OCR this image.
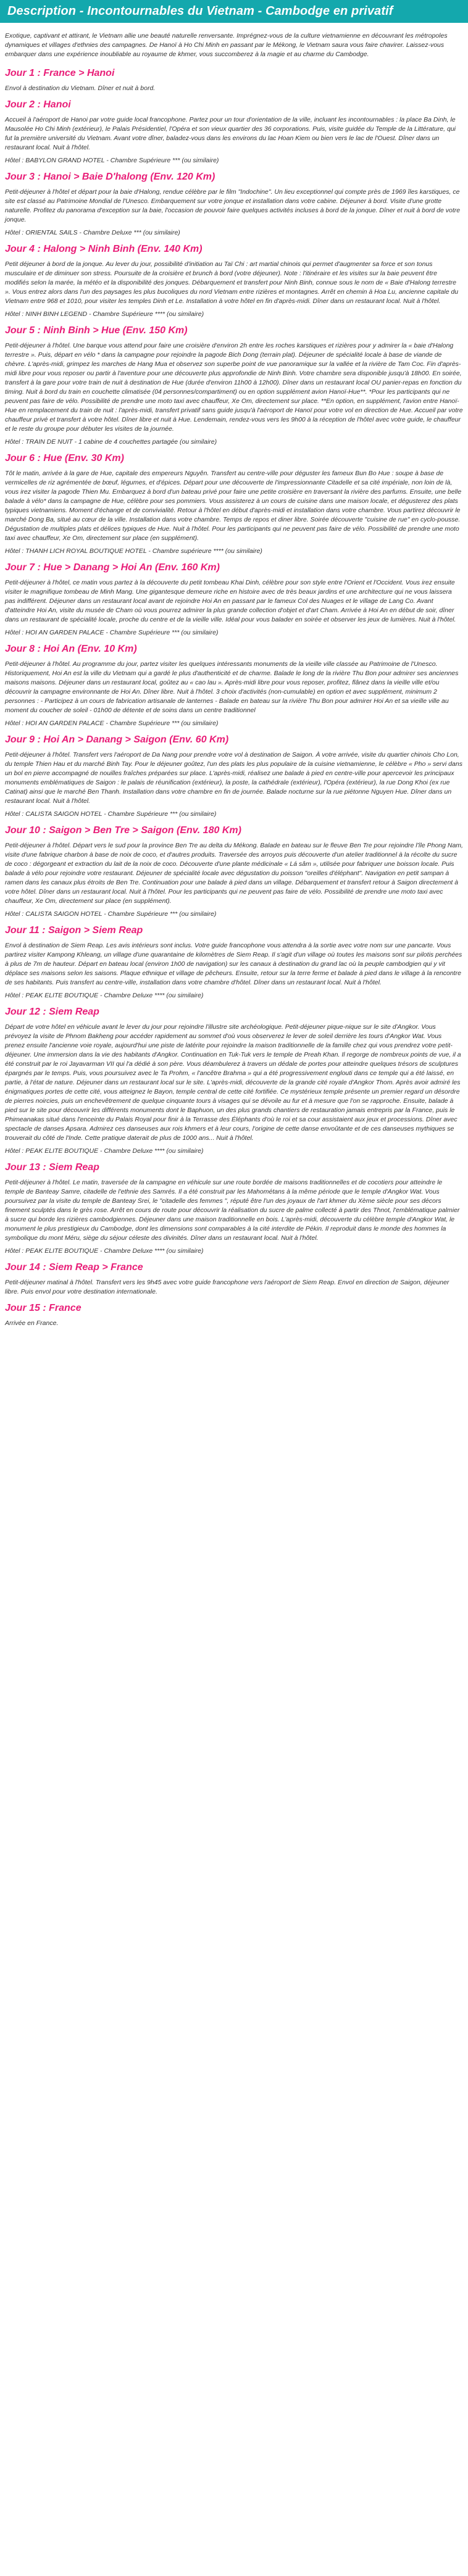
Description - Incontournables du Vietnam - Cambodge en privatif

Exotique, captivant et attirant, le Vietnam allie une beauté naturelle renversante. Imprégnez-vous de la culture vietnamienne en découvrant les métropoles dynamiques et villages d'ethnies des campagnes. De Hanoï à Ho Chi Minh en passant par le Mékong, le Vietnam saura vous faire chavirer. Laissez-vous embarquer dans une expérience inoubliable au royaume de khmer, vous succomberez à la magie et au charme du Cambodge.

Jour 1 : France > Hanoi

Envol à destination du Vietnam. Dîner et nuit à bord.

Jour 2 : Hanoi

Accueil à l'aéroport de Hanoi par votre guide local francophone. Partez pour un tour d'orientation de la ville, incluant les incontournables : la place Ba Dinh, le Mausolée Ho Chi Minh (extérieur), le Palais Présidentiel, l'Opéra et son vieux quartier des 36 corporations. Puis, visite guidée du Temple de la Littérature, qui fut la première université du Vietnam. Avant votre dîner, baladez-vous dans les environs du lac Hoan Kiem ou bien vers le lac de l'Ouest. Dîner dans un restaurant local. Nuit à l'hôtel.

Hôtel : BABYLON GRAND HOTEL - Chambre Supérieure *** (ou similaire)

Jour 3 : Hanoi > Baie D'halong (Env. 120 Km)

Petit-déjeuner à l'hôtel et départ pour la baie d'Halong, rendue célèbre par le film "Indochine". Un lieu exceptionnel qui compte près de 1969 îles karstiques, ce site est classé au Patrimoine Mondial de l'Unesco. Embarquement sur votre jonque et installation dans votre cabine. Déjeuner à bord. Visite d'une grotte naturelle. Profitez du panorama d'exception sur la baie, l'occasion de pouvoir faire quelques activités incluses à bord de la jonque. Dîner et nuit à bord de votre jonque.

Hôtel : ORIENTAL SAILS - Chambre Deluxe *** (ou similaire)

Jour 4 : Halong > Ninh Binh (Env. 140 Km)

Petit déjeuner à bord de la jonque. Au lever du jour, possibilité d'initiation au Taï Chi : art martial chinois qui permet d'augmenter sa force et son tonus musculaire et de diminuer son stress. Poursuite de la croisière et brunch à bord (votre déjeuner). Note : l'itinéraire et les visites sur la baie peuvent être modifiés selon la marée, la météo et la disponibilité des jonques. Débarquement et transfert pour Ninh Binh, connue sous le nom de « Baie d'Halong terrestre ». Vous entrez alors dans l'un des paysages les plus bucoliques du nord Vietnam entre rizières et montagnes. Arrêt en chemin à Hoa Lu, ancienne capitale du Vietnam entre 968 et 1010, pour visiter les temples Dinh et Le. Installation à votre hôtel en fin d'après-midi. Dîner dans un restaurant local. Nuit à l'hôtel.

Hôtel : NINH BINH LEGEND - Chambre Supérieure **** (ou similaire)

Jour 5 : Ninh Binh > Hue (Env. 150 Km)

Petit-déjeuner à l'hôtel. Une barque vous attend pour faire une croisière d'environ 2h entre les roches karstiques et rizières pour y admirer la « baie d'Halong terrestre ». Puis, départ en vélo * dans la campagne pour rejoindre la pagode Bich Dong (terrain plat). Déjeuner de spécialité locale à base de viande de chèvre. L'après-midi, grimpez les marches de Hang Mua et observez son superbe point de vue panoramique sur la vallée et la rivière de Tam Coc. Fin d'après-midi libre pour vous reposer ou partir à l'aventure pour une découverte plus approfondie de Ninh Binh. Votre chambre sera disponible jusqu'à 18h00. En soirée, transfert à la gare pour votre train de nuit à destination de Hue (durée d'environ 11h00 à 12h00). Dîner dans un restaurant local OU panier-repas en fonction du timing. Nuit à bord du train en couchette climatisée (04 personnes/compartiment) ou en option supplément avion Hanoï-Hue**. *Pour les participants qui ne peuvent pas faire de vélo. Possibilité de prendre une moto taxi avec chauffeur, Xe Om, directement sur place. **En option, en supplément, l'avion entre Hanoï-Hue en remplacement du train de nuit : l'après-midi, transfert privatif sans guide jusqu'à l'aéroport de Hanoï pour votre vol en direction de Hue. Accueil par votre chauffeur privé et transfert à votre hôtel. Dîner libre et nuit à Hue. Lendemain, rendez-vous vers les 9h00 à la réception de l'hôtel avec votre guide, le chauffeur et le reste du groupe pour débuter les visites de la journée.

Hôtel : TRAIN DE NUIT - 1 cabine de 4 couchettes partagée (ou similaire)

Jour 6 : Hue (Env. 30 Km)

Tôt le matin, arrivée à la gare de Hue, capitale des empereurs Nguyên. Transfert au centre-ville pour déguster les fameux Bun Bo Hue : soupe à base de vermicelles de riz agrémentée de bœuf, légumes, et d'épices. Départ pour une découverte de l'impressionnante Citadelle et sa cité impériale, non loin de là, vous irez visiter la pagode Thien Mu. Embarquez à bord d'un bateau privé pour faire une petite croisière en traversant la rivière des parfums. Ensuite, une belle balade à vélo* dans la campagne de Hue, célèbre pour ses pommiers. Vous assisterez à un cours de cuisine dans une maison locale, et dégusterez des plats typiques vietnamiens. Moment d'échange et de convivialité. Retour à l'hôtel en début d'après-midi et installation dans votre chambre. Vous partirez découvrir le marché Dong Ba, situé au cœur de la ville. Installation dans votre chambre. Temps de repos et diner libre. Soirée découverte "cuisine de rue" en cyclo-pousse. Dégustation de multiples plats et délices typiques de Hue. Nuit à l'hôtel. Pour les participants qui ne peuvent pas faire de vélo. Possibilité de prendre une moto taxi avec chauffeur, Xe Om, directement sur place (en supplément).

Hôtel : THANH LICH ROYAL BOUTIQUE HOTEL - Chambre supérieure **** (ou similaire)

Jour 7 : Hue > Danang > Hoi An (Env. 160 Km)

Petit-déjeuner à l'hôtel, ce matin vous partez à la découverte du petit tombeau Khai Dinh, célèbre pour son style entre l'Orient et l'Occident. Vous irez ensuite visiter le magnifique tombeau de Minh Mang. Une gigantesque demeure riche en histoire avec de très beaux jardins et une architecture qui ne vous laissera pas indifférent. Déjeuner dans un restaurant local avant de rejoindre Hoi An en passant par le fameux Col des Nuages et le village de Lang Co. Avant d'atteindre Hoi An, visite du musée de Cham où vous pourrez admirer la plus grande collection d'objet et d'art Cham. Arrivée à Hoi An en début de soir, dîner dans un restaurant de spécialité locale, proche du centre et de la vieille ville. Idéal pour vous balader en soirée et observer les jeux de lumières. Nuit à l'hôtel.

Hôtel : HOI AN GARDEN PALACE - Chambre Supérieure *** (ou similaire)

Jour 8 : Hoi An (Env. 10 Km)

Petit-déjeuner à l'hôtel. Au programme du jour, partez visiter les quelques intéressants monuments de la vieille ville classée au Patrimoine de l'Unesco. Historiquement, Hoi An est la ville du Vietnam qui a gardé le plus d'authenticité et de charme. Balade le long de la rivière Thu Bon pour admirer ses anciennes maisons maisons. Déjeuner dans un restaurant local, goûtez au « cao lau ». Après-midi libre pour vous reposer, profitez, flânez dans la vieille ville et/ou découvrir la campagne environnante de Hoi An. Dîner libre. Nuit à l'hôtel. 3 choix d'activités (non-cumulable) en option et avec supplément, minimum 2 personnes : - Participez à un cours de fabrication artisanale de lanternes - Balade en bateau sur la rivière Thu Bon pour admirer Hoi An et sa vieille ville au moment du coucher de soleil - 01h00 de détente et de soins dans un centre traditionnel

Hôtel : HOI AN GARDEN PALACE - Chambre Supérieure *** (ou similaire)

Jour 9 : Hoi An > Danang > Saigon (Env. 60 Km)

Petit-déjeuner à l'hôtel. Transfert vers l'aéroport de Da Nang pour prendre votre vol à destination de Saigon. À votre arrivée, visite du quartier chinois Cho Lon, du temple Thien Hau et du marché Binh Tay. Pour le déjeuner goûtez, l'un des plats les plus populaire de la cuisine vietnamienne, le célèbre « Pho » servi dans un bol en pierre accompagné de nouilles fraîches préparées sur place. L'après-midi, réalisez une balade à pied en centre-ville pour apercevoir les principaux monuments emblématiques de Saigon : le palais de réunification (extérieur), la poste, la cathédrale (extérieur), l'Opéra (extérieur), la rue Dong Khoi (ex rue Catinat) ainsi que le marché Ben Thanh. Installation dans votre chambre en fin de journée. Balade nocturne sur la rue piétonne Nguyen Hue. Dîner dans un restaurant local. Nuit à l'hôtel.

Hôtel : CALISTA SAIGON HOTEL - Chambre Supérieure *** (ou similaire)

Jour 10 : Saigon > Ben Tre > Saigon (Env. 180 Km)

Petit-déjeuner à l'hôtel. Départ vers le sud pour la province Ben Tre au delta du Mékong. Balade en bateau sur le fleuve Ben Tre pour rejoindre l'île Phong Nam, visite d'une fabrique charbon à base de noix de coco, et d'autres produits. Traversée des arroyos puis découverte d'un atelier traditionnel à la récolte du sucre de coco : dégorgeant et extraction du lait de la noix de coco. Découverte d'une plante médicinale « Lá sâm », utilisée pour fabriquer une boisson locale. Puis balade à vélo pour rejoindre votre restaurant. Déjeuner de spécialité locale avec dégustation du poisson "oreilles d'éléphant". Navigation en petit sampan à ramen dans les canaux plus étroits de Ben Tre. Continuation pour une balade à pied dans un village. Débarquement et transfert retour à Saigon directement à votre hôtel. Dîner dans un restaurant local. Nuit à l'hôtel. Pour les participants qui ne peuvent pas faire de vélo. Possibilité de prendre une moto taxi avec chauffeur, Xe Om, directement sur place (en supplément).

Hôtel : CALISTA SAIGON HOTEL - Chambre Supérieure *** (ou similaire)

Jour 11 : Saigon > Siem Reap

Envol à destination de Siem Reap. Les avis intérieurs sont inclus. Votre guide francophone vous attendra à la sortie avec votre nom sur une pancarte. Vous partirez visiter Kampong Khleang, un village d'une quarantaine de kilomètres de Siem Reap. Il s'agit d'un village où toutes les maisons sont sur pilotis perchées à plus de 7m de hauteur. Départ en bateau local (environ 1h00 de navigation) sur les canaux à destination du grand lac où la peuple cambodgien qui y vit déplace ses maisons selon les saisons. Plaque ethnique et village de pêcheurs. Ensuite, retour sur la terre ferme et balade à pied dans le village à la rencontre de ses habitants. Puis transfert au centre-ville, installation dans votre chambre d'hôtel. Dîner dans un restaurant local. Nuit à l'hôtel.

Hôtel : PEAK ELITE BOUTIQUE - Chambre Deluxe **** (ou similaire)

Jour 12 : Siem Reap

Départ de votre hôtel en véhicule avant le lever du jour pour rejoindre l'illustre site archéologique. Petit-déjeuner pique-nique sur le site d'Angkor. Vous prévoyez la visite de Phnom Bakheng pour accéder rapidement au sommet d'où vous observerez le lever de soleil derrière les tours d'Angkor Wat. Vous prenez ensuite l'ancienne voie royale, aujourd'hui une piste de latérite pour rejoindre la maison traditionnelle de la famille chez qui vous prendrez votre petit-déjeuner. Une immersion dans la vie des habitants d'Angkor. Continuation en Tuk-Tuk vers le temple de Preah Khan. Il regorge de nombreux points de vue, il a été construit par le roi Jayavarman VII qui l'a dédié à son père. Vous déambulerez à travers un dédale de portes pour atteindre quelques trésors de sculptures épargnés par le temps. Puis, vous poursuivez avec le Ta Prohm, « l'ancêtre Brahma » qui a été progressivement englouti dans ce temple qui a été laissé, en partie, à l'état de nature. Déjeuner dans un restaurant local sur le site. L'après-midi, découverte de la grande cité royale d'Angkor Thom. Après avoir admiré les énigmatiques portes de cette cité, vous atteignez le Bayon, temple central de cette cité fortifiée. Ce mystérieux temple présente un premier regard un désordre de pierres noircies, puis un enchevêtrement de quelque cinquante tours à visages qui se dévoile au fur et à mesure que l'on se rapproche. Ensuite, balade à pied sur le site pour découvrir les différents monuments dont le Baphuon, un des plus grands chantiers de restauration jamais entrepris par la France, puis le Phimeanakas situé dans l'enceinte du Palais Royal pour finir à la Terrasse des Éléphants d'où le roi et sa cour assistaient aux jeux et processions. Dîner avec spectacle de danses Apsara. Admirez ces danseuses aux rois khmers et à leur cours, l'origine de cette danse envoûtante et de ces danseuses mythiques se trouverait du côté de l'Inde. Cette pratique daterait de plus de 1000 ans... Nuit à l'hôtel.

Hôtel : PEAK ELITE BOUTIQUE - Chambre Deluxe **** (ou similaire)

Jour 13 : Siem Reap

Petit-déjeuner à l'hôtel. Le matin, traversée de la campagne en véhicule sur une route bordée de maisons traditionnelles et de cocotiers pour atteindre le temple de Banteay Samre, citadelle de l'ethnie des Samrés. Il a été construit par les Mahométans à la même période que le temple d'Angkor Wat. Vous poursuivez par la visite du temple de Banteay Srei, le "citadelle des femmes ", réputé être l'un des joyaux de l'art khmer du Xème siècle pour ses décors finement sculptés dans le grès rose. Arrêt en cours de route pour découvrir la réalisation du sucre de palme collecté à partir des Thnot, l'emblématique palmier à sucre qui borde les rizières cambodgiennes. Déjeuner dans une maison traditionnelle en bois. L'après-midi, découverte du célèbre temple d'Angkor Wat, le monument le plus prestigieux du Cambodge, dont les dimensions sont comparables à la cité interdite de Pékin. Il reproduit dans le monde des hommes la symbolique du mont Méru, siège du séjour céleste des divinités. Dîner dans un restaurant local. Nuit à l'hôtel.

Hôtel : PEAK ELITE BOUTIQUE - Chambre Deluxe **** (ou similaire)

Jour 14 : Siem Reap > France

Petit-déjeuner matinal à l'hôtel. Transfert vers les 9h45 avec votre guide francophone vers l'aéroport de Siem Reap. Envol en direction de Saigon, déjeuner libre. Puis envol pour votre destination internationale.

Jour 15 : France

Arrivée en France.
